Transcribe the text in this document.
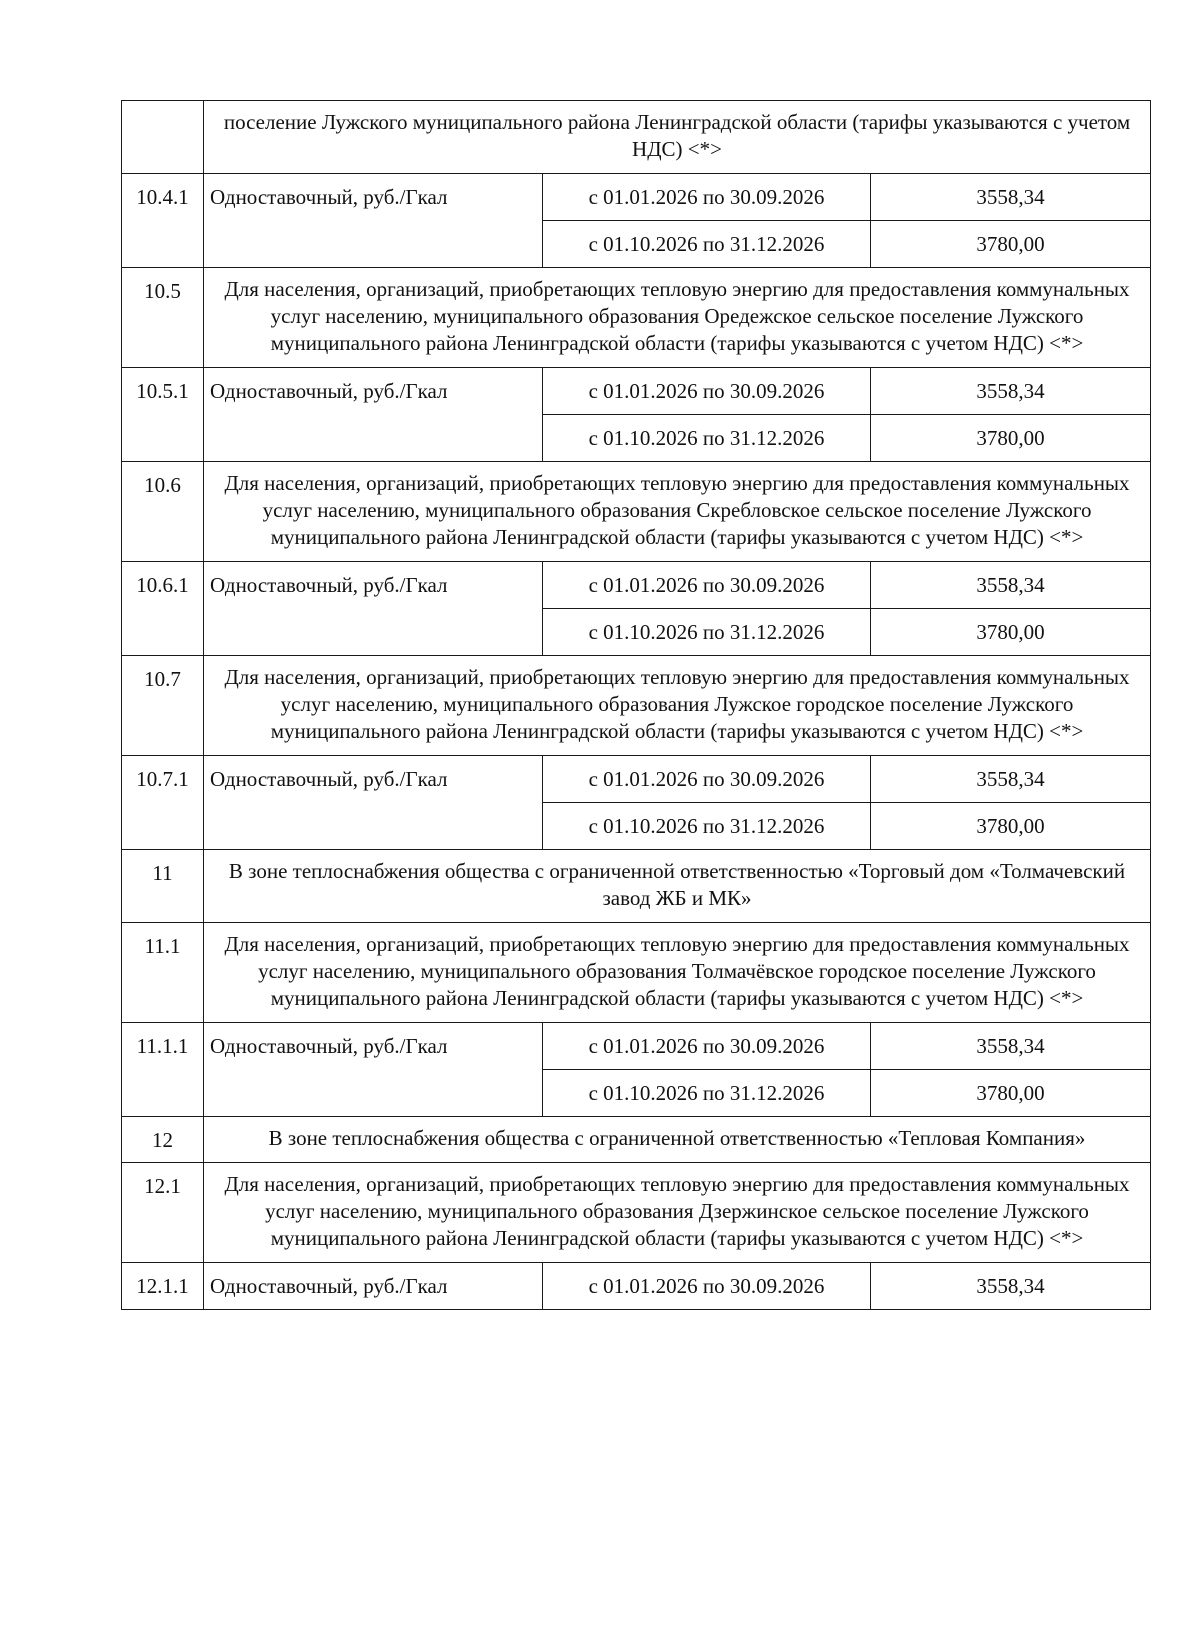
	поселение Лужского муниципального района Ленинградской области (тарифы указываются с учетом НДС) <*>		
10.4.1	Одноставочный, руб./Гкал	с 01.01.2026 по 30.09.2026	3558,34
		с 01.10.2026 по 31.12.2026	3780,00
10.5	Для населения, организаций, приобретающих тепловую энергию для предоставления коммунальных услуг населению, муниципального образования Оредежское сельское поселение Лужского муниципального района Ленинградской области (тарифы указываются с учетом НДС) <*>		
10.5.1	Одноставочный, руб./Гкал	с 01.01.2026 по 30.09.2026	3558,34
		с 01.10.2026 по 31.12.2026	3780,00
10.6	Для населения, организаций, приобретающих тепловую энергию для предоставления коммунальных услуг населению, муниципального образования Скребловское сельское поселение Лужского муниципального района Ленинградской области (тарифы указываются с учетом НДС) <*>		
10.6.1	Одноставочный, руб./Гкал	с 01.01.2026 по 30.09.2026	3558,34
		с 01.10.2026 по 31.12.2026	3780,00
10.7	Для населения, организаций, приобретающих тепловую энергию для предоставления коммунальных услуг населению, муниципального образования Лужское городское поселение Лужского муниципального района Ленинградской области (тарифы указываются с учетом НДС) <*>		
10.7.1	Одноставочный, руб./Гкал	с 01.01.2026 по 30.09.2026	3558,34
		с 01.10.2026 по 31.12.2026	3780,00
11	В зоне теплоснабжения общества с ограниченной ответственностью «Торговый дом «Толмачевский завод ЖБ и МК»		
11.1	Для населения, организаций, приобретающих тепловую энергию для предоставления коммунальных услуг населению, муниципального образования Толмачёвское городское поселение Лужского муниципального района Ленинградской области (тарифы указываются с учетом НДС) <*>		
11.1.1	Одноставочный, руб./Гкал	с 01.01.2026 по 30.09.2026	3558,34
		с 01.10.2026 по 31.12.2026	3780,00
12	В зоне теплоснабжения общества с ограниченной ответственностью «Тепловая Компания»		
12.1	Для населения, организаций, приобретающих тепловую энергию для предоставления коммунальных услуг населению, муниципального образования Дзержинское сельское поселение Лужского муниципального района Ленинградской области (тарифы указываются с учетом НДС) <*>		
12.1.1	Одноставочный, руб./Гкал	с 01.01.2026 по 30.09.2026	3558,34
